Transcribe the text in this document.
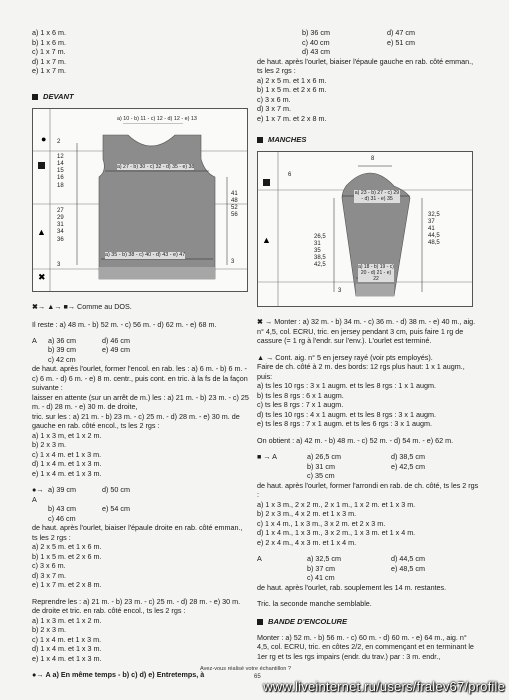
a) 1 x 6 m.
b) 1 x 6 m.
c) 1 x 7 m.
d) 1 x 7 m.
e) 1 x 7 m.
DEVANT
●
▲
✖
a) 10 - b) 11 - c) 12 - d) 12 - e) 13
a) 27 - b) 30 - c) 32 - d) 35 - e) 38
a) 35 - b) 38 - c) 40 - d) 43 - e) 47
2
12
14
15
16
18
27
29
31
34
36
3
41
48
52
56
3
✖→ ▲→ ■→ Comme au DOS.
Il reste : a) 48 m. - b) 52 m. - c) 56 m. - d) 62 m. - e) 68 m.
A	a) 36 cm	d) 46 cm
b) 39 cm	e) 49 cm
c) 42 cm
de haut. après l'ourlet, former l'encol. en rab. les : a) 6 m. - b) 6 m. - c) 6 m. - d) 6 m. - e) 8 m. centr., puis cont. en tric. à la fs de la façon suivante :
laisser en attente (sur un arrêt de m.) les : a) 21 m. - b) 23 m. - c) 25 m. - d) 28 m. - e) 30 m. de droite,
tric. sur les : a) 21 m. - b) 23 m. - c) 25 m. - d) 28 m. - e) 30 m. de gauche en rab. côté encol., ts les 2 rgs :
a) 1 x 3 m, et 1 x 2 m.
b) 2 x 3 m.
c) 1 x 4 m. et 1 x 3 m.
d) 1 x 4 m. et 1 x 3 m.
e) 1 x 4 m. et 1 x 3 m.
●→ A
a) 39 cm	d) 50 cm
b) 43 cm	e) 54 cm
c) 46 cm
de haut. après l'ourlet, biaiser l'épaule droite en rab. côté emman., ts les 2 rgs :
a) 2 x 5 m. et 1 x 6 m.
b) 1 x 5 m. et 2 x 6 m.
c) 3 x 6 m.
d) 3 x 7 m.
e) 1 x 7 m. et 2 x 8 m.
Reprendre les : a) 21 m. - b) 23 m. - c) 25 m. - d) 28 m. - e) 30 m. de droite et tric. en rab. côté encol., ts les 2 rgs :
a) 1 x 3 m. et 1 x 2 m.
b) 2 x 3 m.
c) 1 x 4 m. et 1 x 3 m.
d) 1 x 4 m. et 1 x 3 m.
e) 1 x 4 m. et 1 x 3 m.
●→ A a) En même temps - b) c) d) e) Entretemps, à
b) 36 cm	d) 47 cm
c) 40 cm	e) 51 cm
d) 43 cm
de haut. après l'ourlet, biaiser l'épaule gauche en rab. côté emman., ts les 2 rgs :
a) 2 x 5 m. et 1 x 6 m.
b) 1 x 5 m. et 2 x 6 m.
c) 3 x 6 m.
d) 3 x 7 m.
e) 1 x 7 m. et 2 x 8 m.
MANCHES
▲
8
6
a) 23 - b) 27 - c) 29 - d) 31 - e) 35
a) 18 - b) 19 - c) 20 - d) 21 - e) 22
26,5
31
35
38,5
42,5
32,5
37
41
44,5
48,5
3
✖ → Monter : a) 32 m. - b) 34 m. - c) 36 m. - d) 38 m. - e) 40 m., aig. n° 4,5, col. ECRU, tric. en jersey pendant 3 cm, puis faire 1 rg de cassure (= 1 rg à l'endr. sur l'env.). L'ourlet est terminé.
▲ → Cont. aig. n° 5 en jersey rayé (voir pts employés).
Faire de ch. côté à 2 m. des bords: 12 rgs plus haut: 1 x 1 augm., puis:
a) ts les 10 rgs : 3 x 1 augm. et ts les 8 rgs : 1 x 1 augm.
b) ts les 8 rgs : 6 x 1 augm.
c) ts les 8 rgs : 7 x 1 augm.
d) ts les 10 rgs : 4 x 1 augm. et ts les 8 rgs : 3 x 1 augm.
e) ts les 8 rgs : 7 x 1 augm. et ts les 6 rgs : 3 x 1 augm.
On obtient : a) 42 m. - b) 48 m. - c) 52 m. - d) 54 m. - e) 62 m.
■ → A	a) 26,5 cm	d) 38,5 cm
b) 31 cm	e) 42,5 cm
c) 35 cm
de haut. après l'ourlet, former l'arrondi en rab. de ch. côté, ts les 2 rgs :
a) 1 x 3 m., 2 x 2 m., 2 x 1 m., 1 x 2 m. et 1 x 3 m.
b) 2 x 3 m., 4 x 2 m. et 1 x 3 m.
c) 1 x 4 m., 1 x 3 m., 3 x 2 m. et 2 x 3 m.
d) 1 x 4 m., 1 x 3 m., 3 x 2 m., 1 x 3 m. et 1 x 4 m.
e) 2 x 4 m., 4 x 3 m. et 1 x 4 m.
A	a) 32,5 cm	d) 44,5 cm
b) 37 cm	e) 48,5 cm
c) 41 cm
de haut. après l'ourlet, rab. souplement les 14 m. restantes.
Tric. la seconde manche semblable.
BANDE D'ENCOLURE
Monter : a) 52 m. - b) 56 m. - c) 60 m. - d) 60 m. - e) 64 m., aig. n° 4,5, col. ECRU, tric. en côtes 2/2, en commençant et en terminant le 1er rg et ts les rgs impairs (endr. du trav.) par : 3 m. endr.,
Avez-vous réalisé votre échantillon ?
65
www.liveinternet.ru/users/fralev67/profile
